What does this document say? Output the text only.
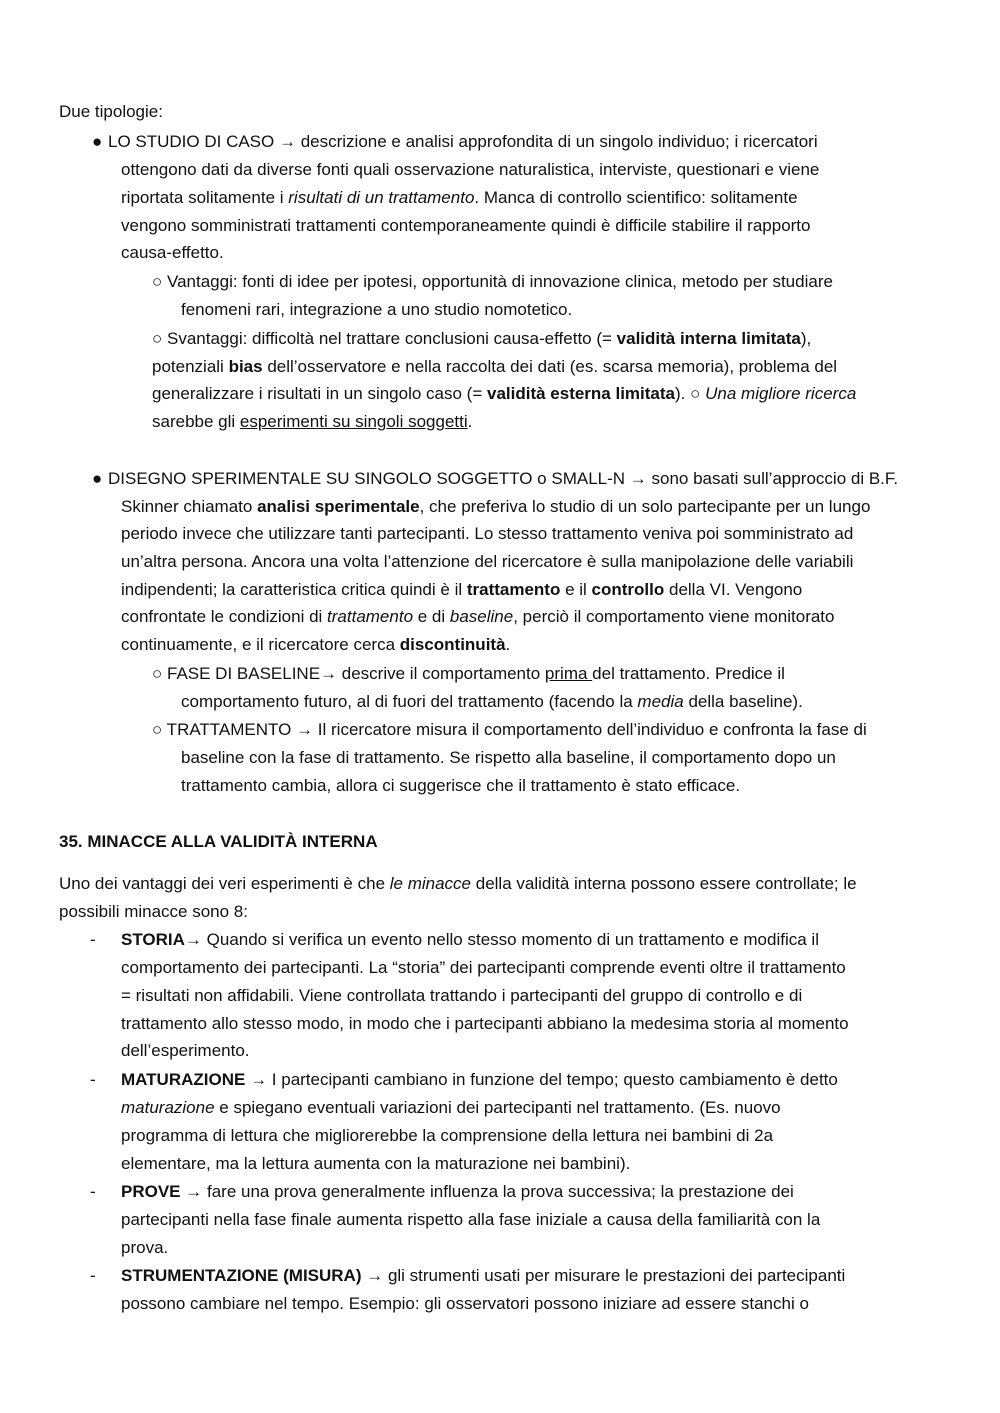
Due tipologie:
● LO STUDIO DI CASO → descrizione e analisi approfondita di un singolo individuo; i ricercatori
ottengono dati da diverse fonti quali osservazione naturalistica, interviste, questionari e viene
riportata solitamente i risultati di un trattamento. Manca di controllo scientifico: solitamente
vengono somministrati trattamenti contemporaneamente quindi è difficile stabilire il rapporto
causa-effetto.
○ Vantaggi: fonti di idee per ipotesi, opportunità di innovazione clinica, metodo per studiare
fenomeni rari, integrazione a uno studio nomotetico.
○ Svantaggi: difficoltà nel trattare conclusioni causa-effetto (= validità interna limitata),
potenziali bias dell’osservatore e nella raccolta dei dati (es. scarsa memoria), problema del
generalizzare i risultati in un singolo caso (= validità esterna limitata). ○ Una migliore ricerca
sarebbe gli esperimenti su singoli soggetti.
● DISEGNO SPERIMENTALE SU SINGOLO SOGGETTO o SMALL-N → sono basati sull’approccio di B.F.
Skinner chiamato analisi sperimentale, che preferiva lo studio di un solo partecipante per un lungo
periodo invece che utilizzare tanti partecipanti. Lo stesso trattamento veniva poi somministrato ad
un’altra persona. Ancora una volta l’attenzione del ricercatore è sulla manipolazione delle variabili
indipendenti; la caratteristica critica quindi è il trattamento e il controllo della VI. Vengono
confrontate le condizioni di trattamento e di baseline, perciò il comportamento viene monitorato
continuamente, e il ricercatore cerca discontinuità.
○ FASE DI BASELINE→ descrive il comportamento prima del trattamento. Predice il
comportamento futuro, al di fuori del trattamento (facendo la media della baseline).
○ TRATTAMENTO → Il ricercatore misura il comportamento dell’individuo e confronta la fase di
baseline con la fase di trattamento. Se rispetto alla baseline, il comportamento dopo un
trattamento cambia, allora ci suggerisce che il trattamento è stato efficace.
35. MINACCE ALLA VALIDITÀ INTERNA
Uno dei vantaggi dei veri esperimenti è che le minacce della validità interna possono essere controllate; le
possibili minacce sono 8:
- STORIA→ Quando si verifica un evento nello stesso momento di un trattamento e modifica il
comportamento dei partecipanti. La “storia” dei partecipanti comprende eventi oltre il trattamento
= risultati non affidabili. Viene controllata trattando i partecipanti del gruppo di controllo e di
trattamento allo stesso modo, in modo che i partecipanti abbiano la medesima storia al momento
dell’esperimento.
- MATURAZIONE → I partecipanti cambiano in funzione del tempo; questo cambiamento è detto
maturazione e spiegano eventuali variazioni dei partecipanti nel trattamento. (Es. nuovo
programma di lettura che migliorerebbe la comprensione della lettura nei bambini di 2a
elementare, ma la lettura aumenta con la maturazione nei bambini).
- PROVE → fare una prova generalmente influenza la prova successiva; la prestazione dei
partecipanti nella fase finale aumenta rispetto alla fase iniziale a causa della familiarità con la
prova.
- STRUMENTAZIONE (MISURA) → gli strumenti usati per misurare le prestazioni dei partecipanti
possono cambiare nel tempo. Esempio: gli osservatori possono iniziare ad essere stanchi o
